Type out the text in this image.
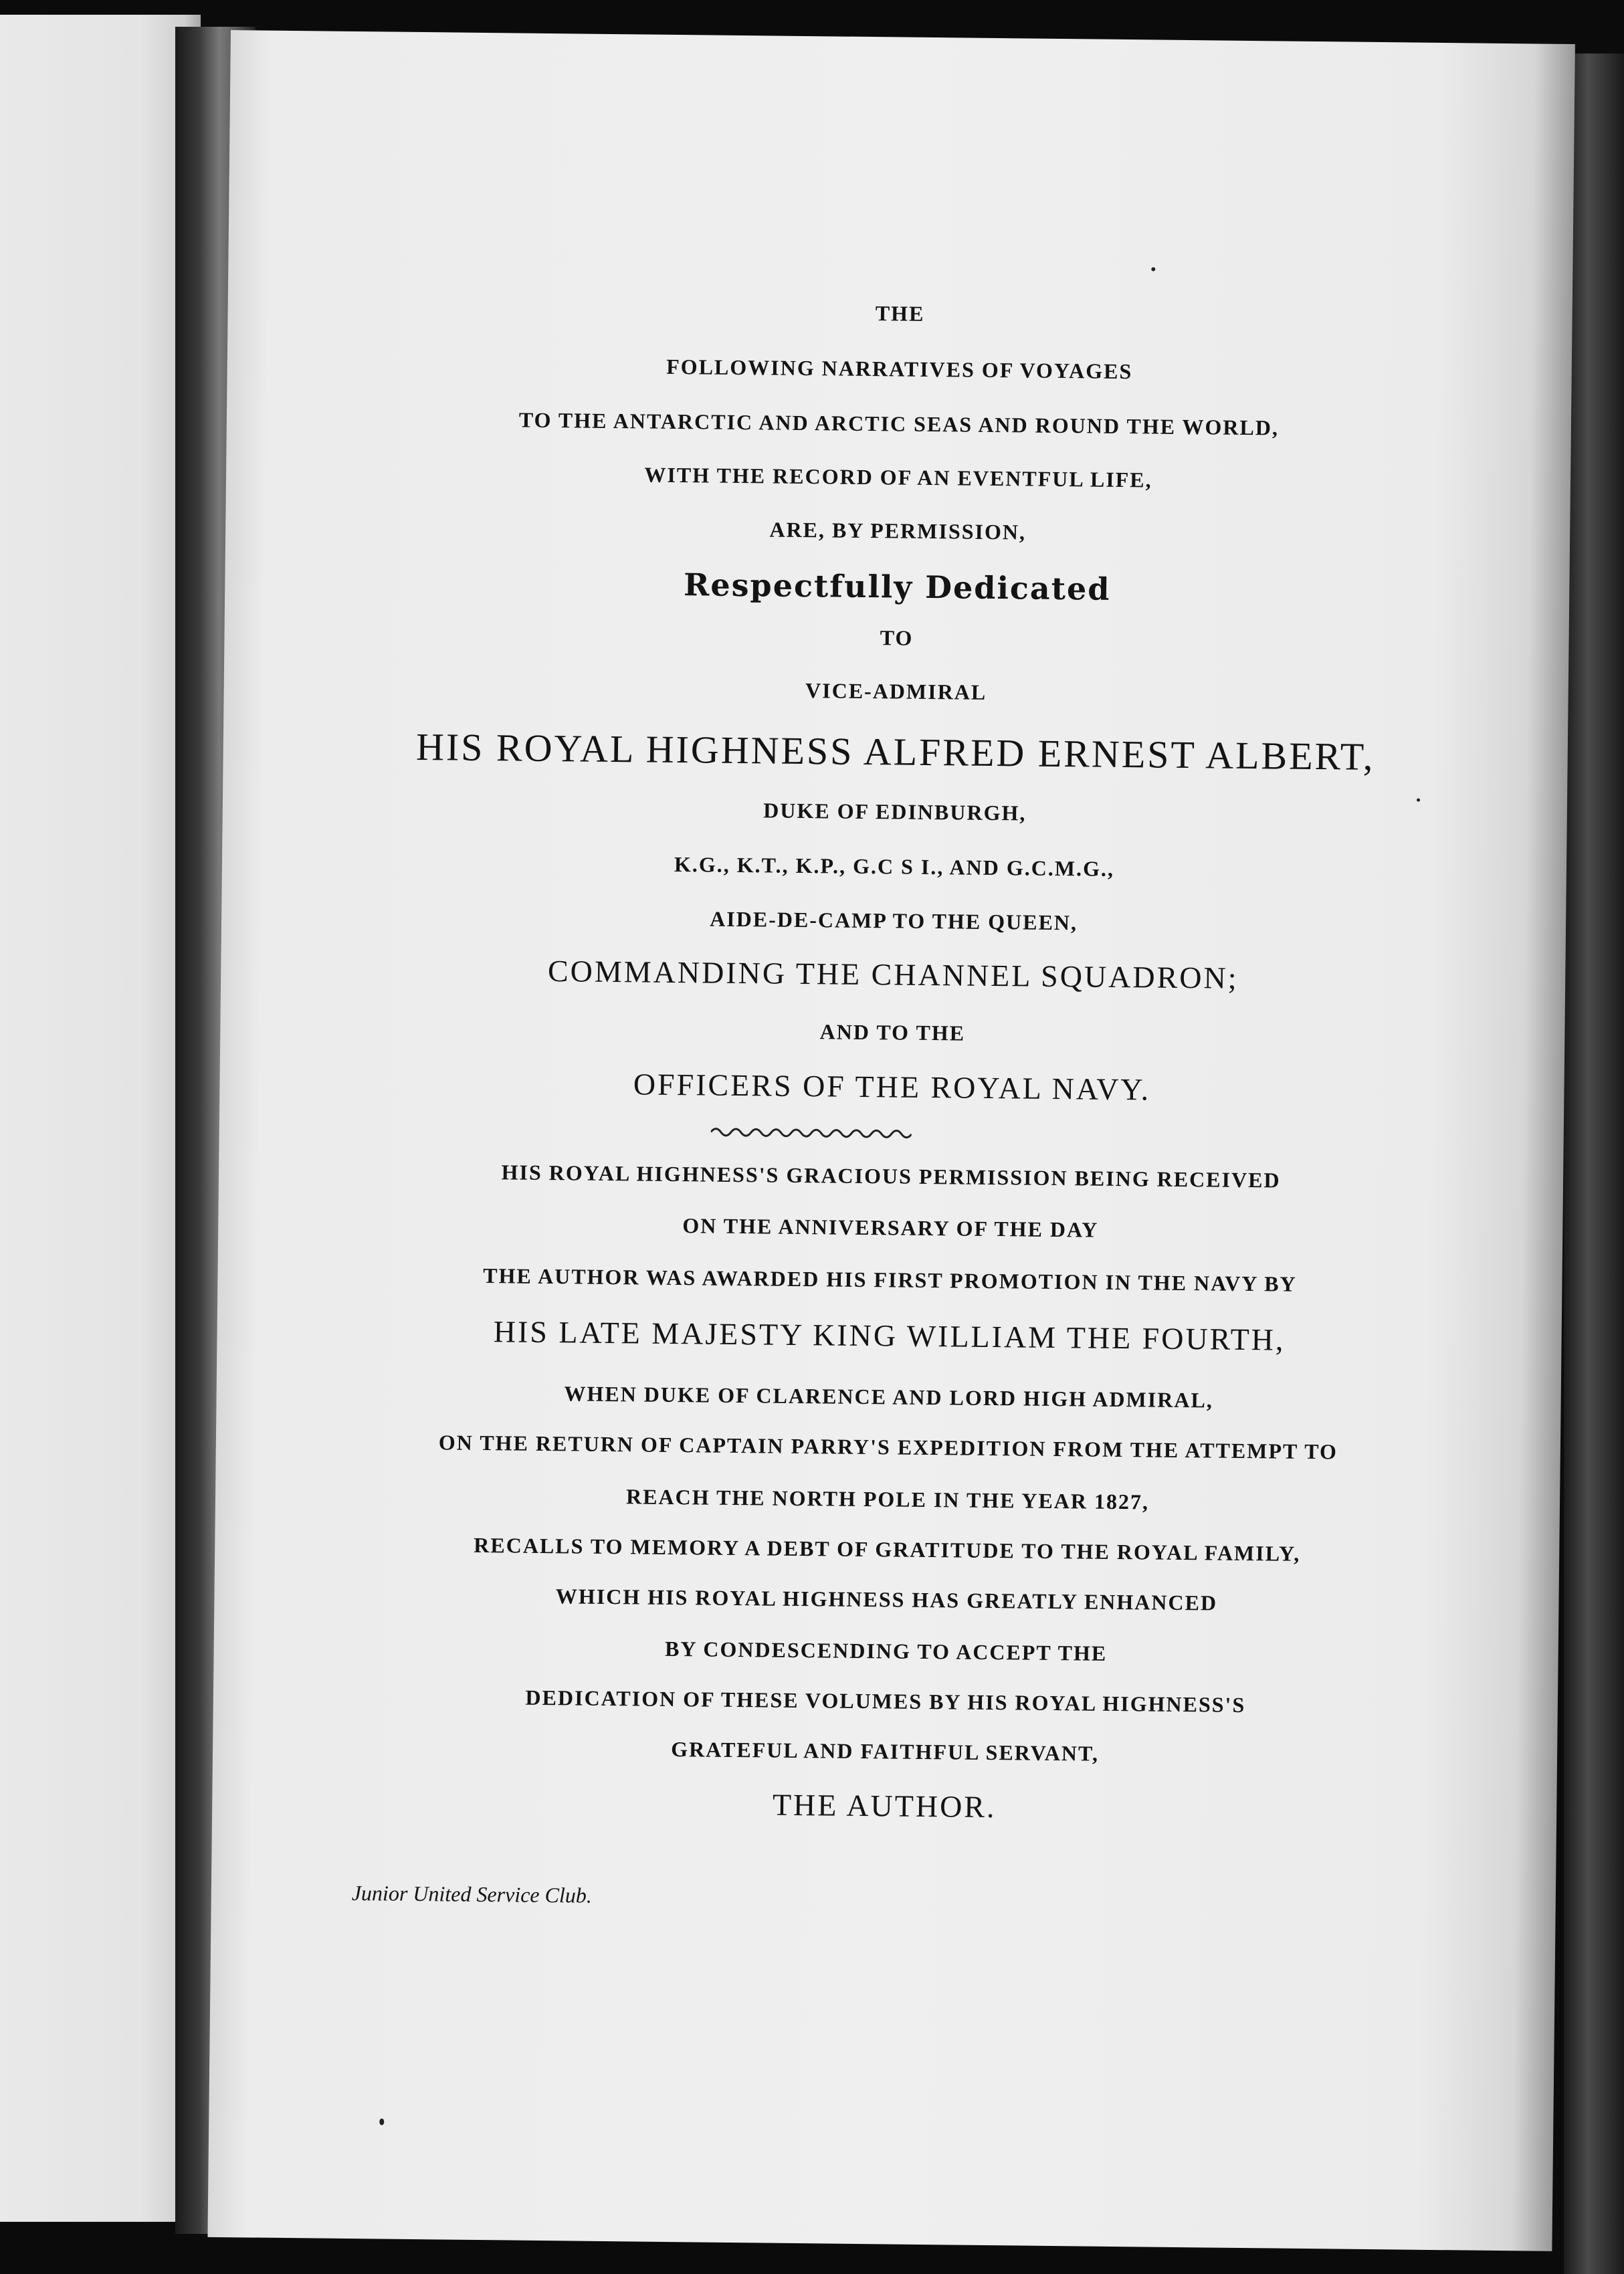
THE
FOLLOWING NARRATIVES OF VOYAGES
TO THE ANTARCTIC AND ARCTIC SEAS AND ROUND THE WORLD,
WITH THE RECORD OF AN EVENTFUL LIFE,
ARE, BY PERMISSION,
Respectfully Dedicated
TO
VICE-ADMIRAL
HIS ROYAL HIGHNESS ALFRED ERNEST ALBERT,
DUKE OF EDINBURGH,
K.G., K.T., K.P., G.C S I., AND G.C.M.G.,
AIDE-DE-CAMP TO THE QUEEN,
COMMANDING THE CHANNEL SQUADRON;
AND TO THE
OFFICERS OF THE ROYAL NAVY.
HIS ROYAL HIGHNESS'S GRACIOUS PERMISSION BEING RECEIVED
ON THE ANNIVERSARY OF THE DAY
THE AUTHOR WAS AWARDED HIS FIRST PROMOTION IN THE NAVY BY
HIS LATE MAJESTY KING WILLIAM THE FOURTH,
WHEN DUKE OF CLARENCE AND LORD HIGH ADMIRAL,
ON THE RETURN OF CAPTAIN PARRY'S EXPEDITION FROM THE ATTEMPT TO
REACH THE NORTH POLE IN THE YEAR 1827,
RECALLS TO MEMORY A DEBT OF GRATITUDE TO THE ROYAL FAMILY,
WHICH HIS ROYAL HIGHNESS HAS GREATLY ENHANCED
BY CONDESCENDING TO ACCEPT THE
DEDICATION OF THESE VOLUMES BY HIS ROYAL HIGHNESS'S
GRATEFUL AND FAITHFUL SERVANT,
THE AUTHOR.
Junior United Service Club.
